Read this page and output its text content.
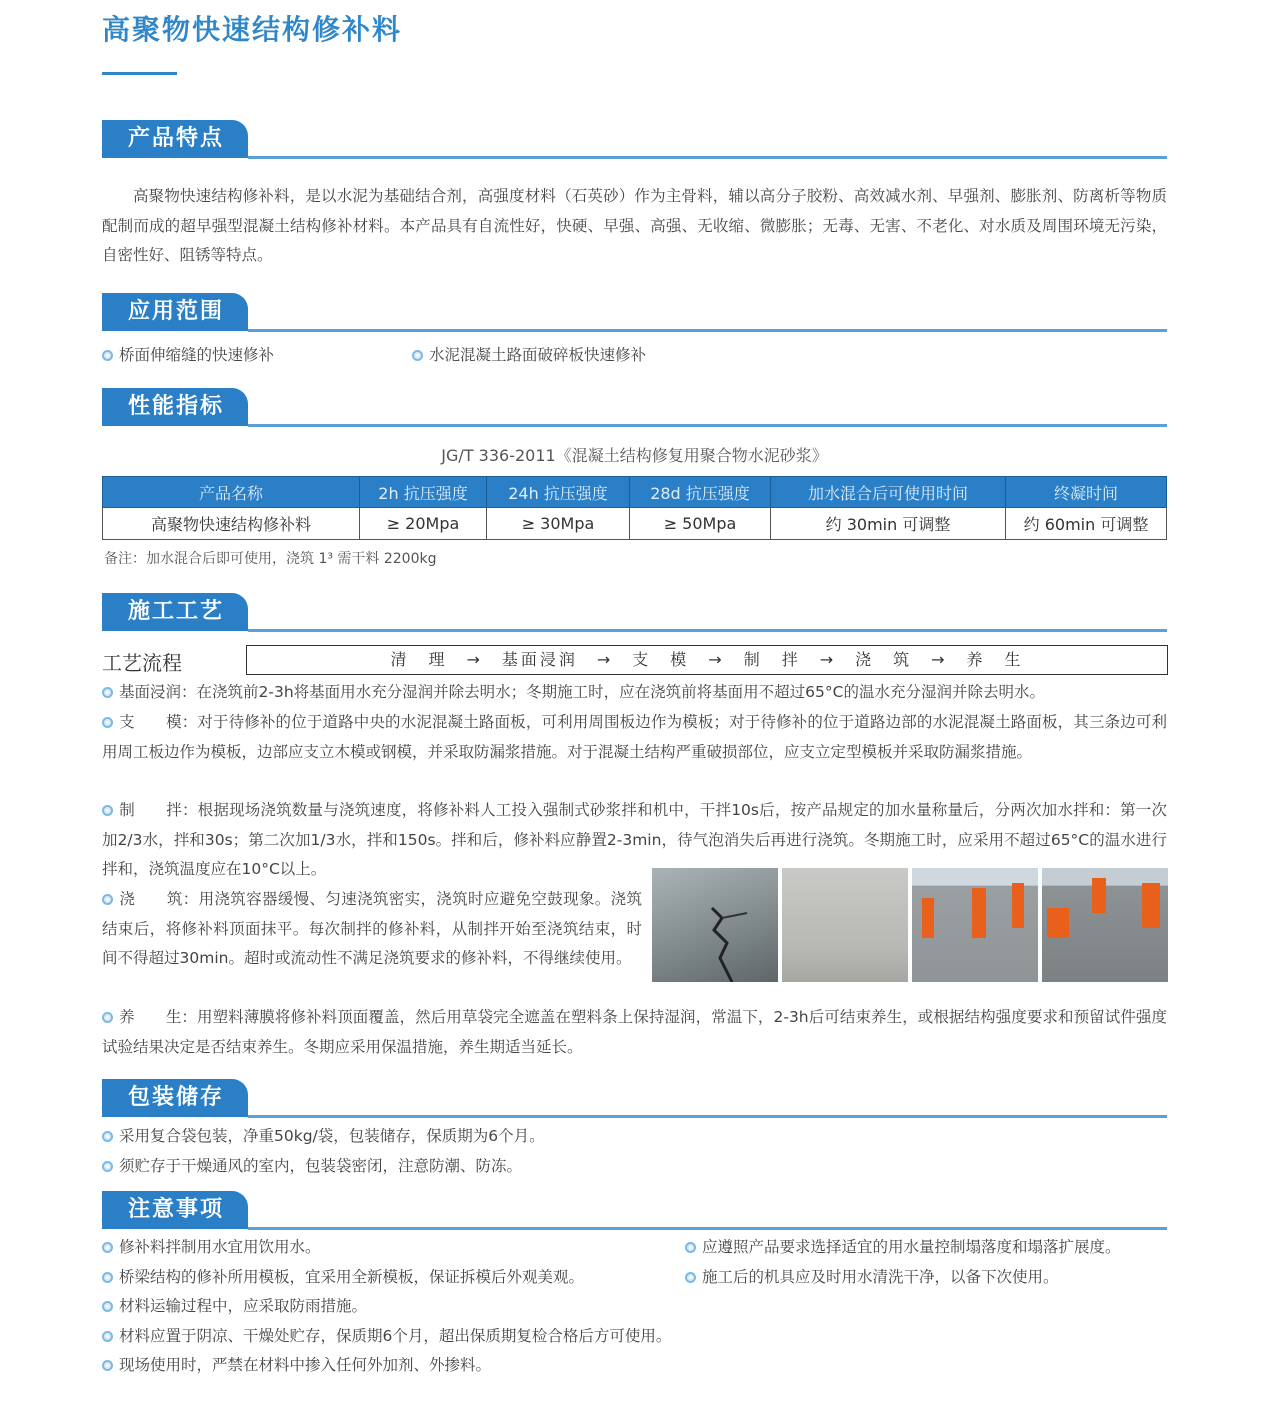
高聚物快速结构修补料
产品特点
高聚物快速结构修补料，是以水泥为基础结合剂，高强度材料（石英砂）作为主骨料，辅以高分子胶粉、高效减水剂、早强剂、膨胀剂、防离析等物质配制而成的超早强型混凝土结构修补材料。本产品具有自流性好，快硬、早强、高强、无收缩、微膨胀；无毒、无害、不老化、对水质及周围环境无污染，自密性好、阻锈等特点。
应用范围
桥面伸缩缝的快速修补	水泥混凝土路面破碎板快速修补
性能指标
JG/T 336-2011《混凝土结构修复用聚合物水泥砂浆》
产品名称	2h 抗压强度	24h 抗压强度	28d 抗压强度	加水混合后可使用时间	终凝时间
高聚物快速结构修补料	≥ 20Mpa	≥ 30Mpa	≥ 50Mpa	约 30min 可调整	约 60min 可调整
备注：加水混合后即可使用，浇筑 1³ 需干料 2200kg
施工工艺
工艺流程	清　理　→　基面浸润　→　支　模　→　制　拌　→　浇　筑　→　养　生
基面浸润：在浇筑前2-3h将基面用水充分湿润并除去明水；冬期施工时，应在浇筑前将基面用不超过65°C的温水充分湿润并除去明水。
支　　模：对于待修补的位于道路中央的水泥混凝土路面板，可利用周围板边作为模板；对于待修补的位于道路边部的水泥混凝土路面板，其三条边可利用周工板边作为模板，边部应支立木模或钢模，并采取防漏浆措施。对于混凝土结构严重破损部位，应支立定型模板并采取防漏浆措施。
制　　拌：根据现场浇筑数量与浇筑速度，将修补料人工投入强制式砂浆拌和机中，干拌10s后，按产品规定的加水量称量后，分两次加水拌和：第一次加2/3水，拌和30s；第二次加1/3水，拌和150s。拌和后，修补料应静置2-3min，待气泡消失后再进行浇筑。冬期施工时，应采用不超过65°C的温水进行拌和，浇筑温度应在10°C以上。
浇　　筑：用浇筑容器缓慢、匀速浇筑密实，浇筑时应避免空鼓现象。浇筑结束后，将修补料顶面抹平。每次制拌的修补料，从制拌开始至浇筑结束，时间不得超过30min。超时或流动性不满足浇筑要求的修补料，不得继续使用。
养　　生：用塑料薄膜将修补料顶面覆盖，然后用草袋完全遮盖在塑料条上保持湿润，常温下，2-3h后可结束养生，或根据结构强度要求和预留试件强度试验结果决定是否结束养生。冬期应采用保温措施，养生期适当延长。
包装储存
采用复合袋包装，净重50kg/袋，包装储存，保质期为6个月。
须贮存于干燥通风的室内，包装袋密闭，注意防潮、防冻。
注意事项
修补料拌制用水宜用饮用水。
桥梁结构的修补所用模板，宜采用全新模板，保证拆模后外观美观。
材料运输过程中，应采取防雨措施。
材料应置于阴凉、干燥处贮存，保质期6个月，超出保质期复检合格后方可使用。
现场使用时，严禁在材料中掺入任何外加剂、外掺料。
应遵照产品要求选择适宜的用水量控制塌落度和塌落扩展度。
施工后的机具应及时用水清洗干净，以备下次使用。
